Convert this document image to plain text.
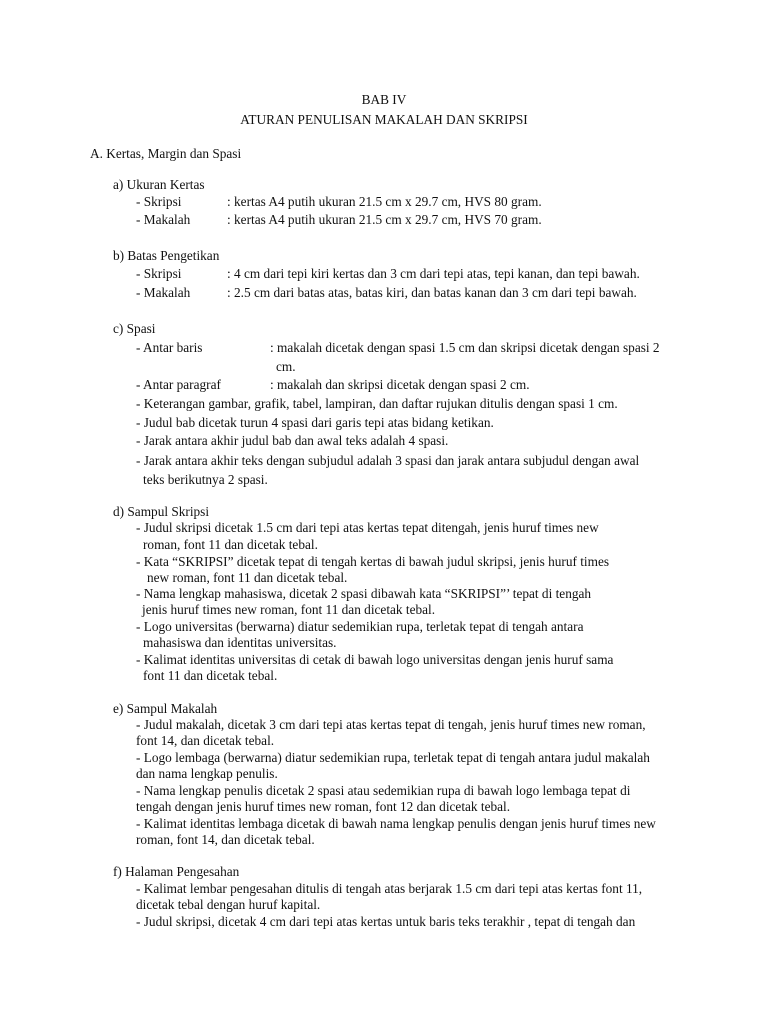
BAB IV
ATURAN PENULISAN MAKALAH DAN SKRIPSI
A. Kertas, Margin dan Spasi
a) Ukuran Kertas
- Skripsi	: kertas A4 putih ukuran 21.5 cm x 29.7 cm, HVS 80 gram.
- Makalah	: kertas A4 putih ukuran 21.5 cm x 29.7 cm, HVS 70 gram.
b) Batas Pengetikan
- Skripsi	: 4 cm dari tepi kiri kertas dan 3 cm dari tepi atas, tepi kanan, dan tepi bawah.
- Makalah	: 2.5 cm dari batas atas, batas kiri, dan batas kanan dan 3 cm dari tepi bawah.
c) Spasi
- Antar baris	: makalah dicetak dengan spasi 1.5 cm dan skripsi dicetak dengan spasi 2
cm.
- Antar paragraf	: makalah dan skripsi dicetak dengan spasi 2 cm.
- Keterangan gambar, grafik, tabel, lampiran, dan daftar rujukan ditulis dengan spasi 1 cm.
- Judul bab dicetak turun 4 spasi dari garis tepi atas bidang ketikan.
- Jarak antara akhir judul bab dan awal teks adalah 4 spasi.
- Jarak antara akhir teks dengan subjudul adalah 3 spasi dan jarak antara subjudul dengan awal
teks berikutnya 2 spasi.
d) Sampul Skripsi
- Judul skripsi dicetak 1.5 cm dari tepi atas kertas tepat ditengah, jenis huruf times new
roman, font 11 dan dicetak tebal.
- Kata “SKRIPSI” dicetak tepat di tengah kertas di bawah judul skripsi, jenis huruf times
new roman, font 11 dan dicetak tebal.
- Nama lengkap mahasiswa, dicetak 2 spasi dibawah kata “SKRIPSI”’ tepat di tengah
jenis huruf times new roman, font 11 dan dicetak tebal.
- Logo universitas (berwarna) diatur sedemikian rupa, terletak tepat di tengah antara
mahasiswa dan identitas universitas.
- Kalimat identitas universitas di cetak di bawah logo universitas dengan jenis huruf sama
font 11 dan dicetak tebal.
e) Sampul Makalah
- Judul makalah, dicetak 3 cm dari tepi atas kertas tepat di tengah, jenis huruf times new roman,
font 14, dan dicetak tebal.
- Logo lembaga (berwarna) diatur sedemikian rupa, terletak tepat di tengah antara judul makalah
dan nama lengkap penulis.
- Nama lengkap penulis dicetak 2 spasi atau sedemikian rupa di bawah logo lembaga tepat di
tengah dengan jenis huruf times new roman, font 12 dan dicetak tebal.
- Kalimat identitas lembaga dicetak di bawah nama lengkap penulis dengan jenis huruf times new
roman, font 14, dan dicetak tebal.
f) Halaman Pengesahan
- Kalimat lembar pengesahan ditulis di tengah atas berjarak 1.5 cm dari tepi atas kertas font 11,
dicetak tebal dengan huruf kapital.
- Judul skripsi, dicetak 4 cm dari tepi atas kertas untuk baris teks terakhir , tepat di tengah dan
